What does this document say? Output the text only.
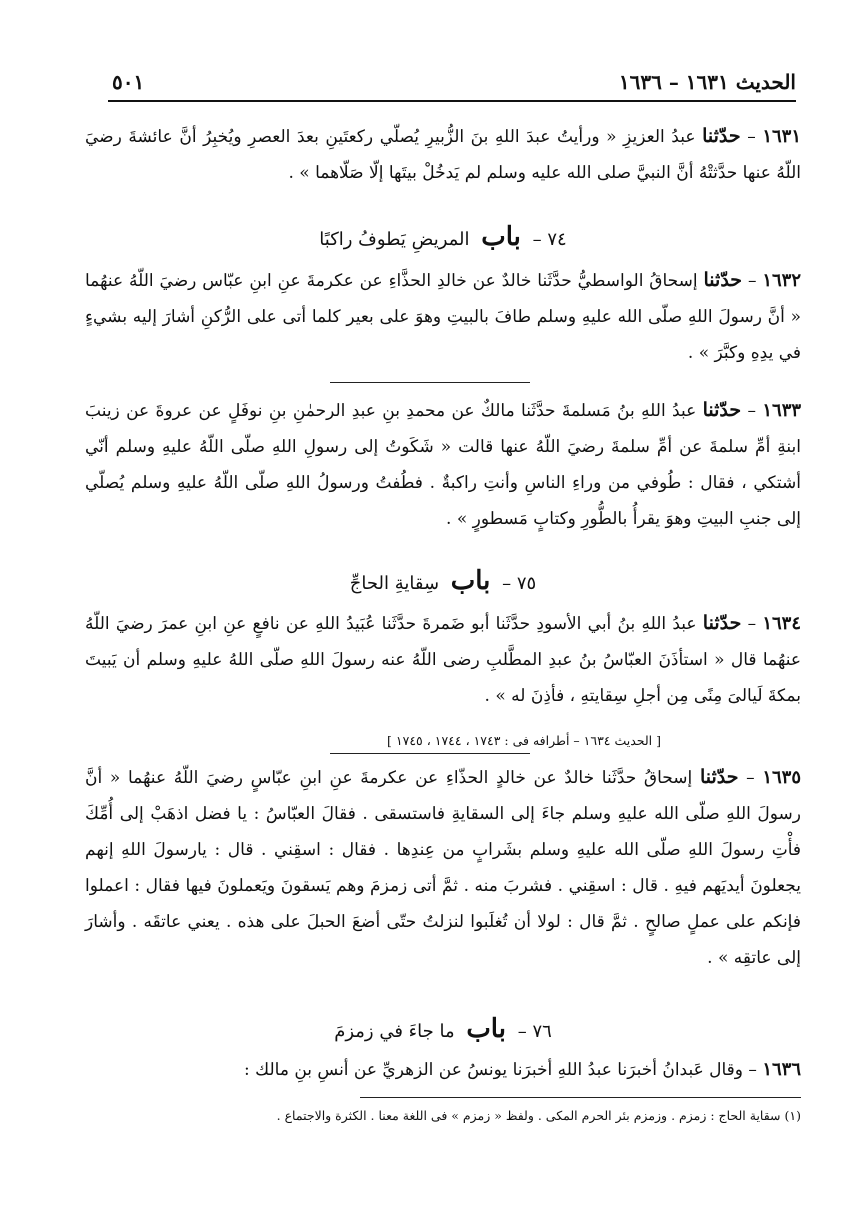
الحديث ١٦٣١ – ١٦٣٦
٥٠١
١٦٣١ – حدّثنا عبدُ العزيزِ « ورأيتُ عبدَ اللهِ بنَ الزُّبيرِ يُصلّي ركعتَينِ بعدَ العصرِ ويُخبِرُ أنَّ عائشةَ رضيَ اللّهُ عنها حدَّثتْهُ أنَّ النبيَّ صلى الله عليه وسلم لم يَدخُلْ بيتَها إلّا صَلّاهما » .
٧٤ – باب المريضِ يَطوفُ راكبًا
١٦٣٢ – حدّثنا إسحاقُ الواسطيُّ حدَّثَنا خالدٌ عن خالدِ الحذَّاءِ عن عكرمةَ عنِ ابنِ عبّاس رضيَ اللّهُ عنهُما « أنَّ رسولَ اللهِ صلّى الله عليهِ وسلم طافَ بالبيتِ وهوَ على بعير كلما أتى على الرُّكنِ أشارَ إليه بشيءٍ في يدِهِ وكبَّرَ » .
١٦٣٣ – حدّثنا عبدُ اللهِ بنُ مَسلمةَ حدَّثَنا مالكٌ عن محمدِ بنِ عبدِ الرحمٰنِ بنِ نوفَلٍ عن عروةَ عن زينبَ ابنةِ أمِّ سلمةَ عن أمِّ سلمةَ رضيَ اللّهُ عنها قالت « شَكَوتُ إلى رسولِ اللهِ صلّى اللّهُ عليهِ وسلم أنّي أشتكي ، فقال : طُوفي من وراءِ الناسِ وأنتِ راكبةٌ . فطُفتُ ورسولُ اللهِ صلّى اللّهُ عليهِ وسلم يُصلّي إلى جنبِ البيتِ وهوَ يقرأُ بالطُّورِ وكتابٍ مَسطورٍ » .
٧٥ – باب سِقايةِ الحاجِّ
١٦٣٤ – حدّثنا عبدُ اللهِ بنُ أبي الأسودِ حدَّثَنا أبو ضَمرةَ حدَّثَنا عُبَيدُ اللهِ عن نافعٍ عنِ ابنِ عمرَ رضيَ اللّهُ عنهُما قال « استأذَنَ العبّاسُ بنُ عبدِ المطَّلبِ رضى اللّهُ عنه رسولَ اللهِ صلّى اللهُ عليهِ وسلم أن يَبيتَ بمكةَ لَيالىَ مِنًى مِن أجلِ سِقايتهِ ، فأذِنَ له » .
[ الحديث ١٦٣٤ – أطرافه فى : ١٧٤٣ ، ١٧٤٤ ، ١٧٤٥ ]
١٦٣٥ – حدّثنا إسحاقُ حدَّثَنا خالدٌ عن خالدٍ الحذّاءِ عن عكرمةَ عنِ ابنِ عبّاسٍ رضيَ اللّهُ عنهُما « أنَّ رسولَ اللهِ صلّى الله عليهِ وسلم جاءَ إلى السقايةِ فاستسقى . فقالَ العبّاسُ : يا فضل اذهَبْ إلى أُمِّكَ فأْتِ رسولَ اللهِ صلّى الله عليهِ وسلم بشَرابٍ من عِندِها . فقال : اسقِني . قال : يارسولَ اللهِ إنهم يجعلونَ أيديَهم فيهِ . قال : اسقِني . فشربَ منه . ثمَّ أتى زمزمَ وهم يَسقونَ ويَعملونَ فيها فقال : اعملوا فإنكم على عملٍ صالحٍ . ثمَّ قال : لولا أن تُغلَبوا لنزلتُ حتّى أضعَ الحبلَ على هذه . يعني عاتقَه . وأشارَ إلى عاتقِه » .
٧٦ – باب ما جاءَ في زمزمَ
١٦٣٦ – وقال عَبدانُ أخبرَنا عبدُ اللهِ أخبرَنا يونسُ عن الزهريِّ عن أنسِ بنِ مالك :
(١) سقاية الحاج : زمزم . وزمزم بئر الحرم المكى . ولفظ « زمزم » فى اللغة معنا . الكثرة والاجتماع .
